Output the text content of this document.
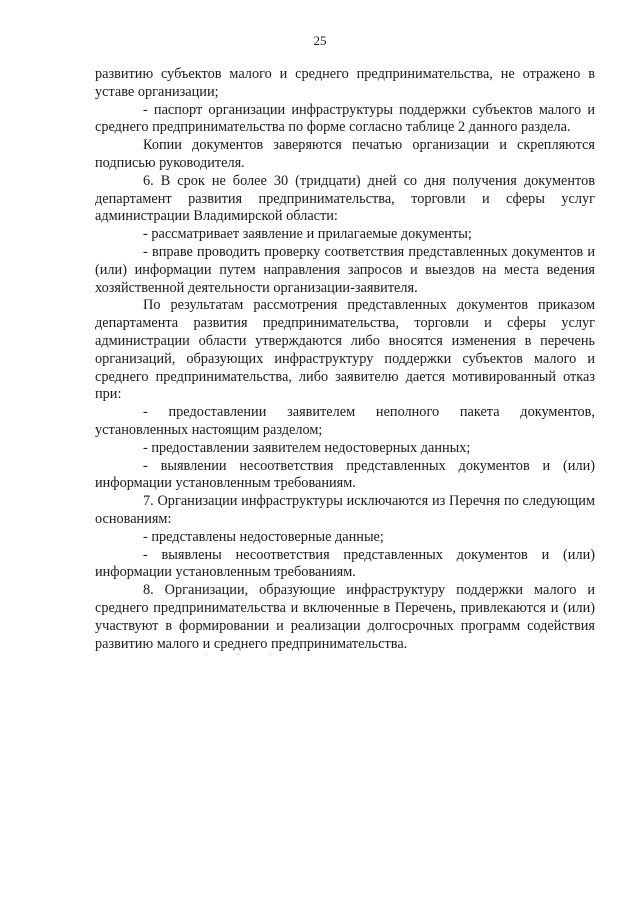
25

развитию субъектов малого и среднего предпринимательства, не отражено в уставе организации;

- паспорт организации инфраструктуры поддержки субъектов малого и среднего предпринимательства по форме согласно таблице 2 данного раздела.

Копии документов заверяются печатью организации и скрепляются подписью руководителя.

6. В срок не более 30 (тридцати) дней со дня получения документов департамент развития предпринимательства, торговли и сферы услуг администрации Владимирской области:

- рассматривает заявление и прилагаемые документы;

- вправе проводить проверку соответствия представленных документов и (или) информации путем направления запросов и выездов на места ведения хозяйственной деятельности организации-заявителя.

По результатам рассмотрения представленных документов приказом департамента развития предпринимательства, торговли и сферы услуг администрации области утверждаются либо вносятся изменения в перечень организаций, образующих инфраструктуру поддержки субъектов малого и среднего предпринимательства, либо заявителю дается мотивированный отказ при:

- предоставлении заявителем неполного пакета документов, установленных настоящим разделом;

- предоставлении заявителем недостоверных данных;

- выявлении несоответствия представленных документов и (или) информации установленным требованиям.

7. Организации инфраструктуры исключаются из Перечня по следующим основаниям:

- представлены недостоверные данные;

- выявлены несоответствия представленных документов и (или) информации установленным требованиям.

8. Организации, образующие инфраструктуру поддержки малого и среднего предпринимательства и включенные в Перечень, привлекаются и (или) участвуют в формировании и реализации долгосрочных программ содействия развитию малого и среднего предпринимательства.

· · ·
